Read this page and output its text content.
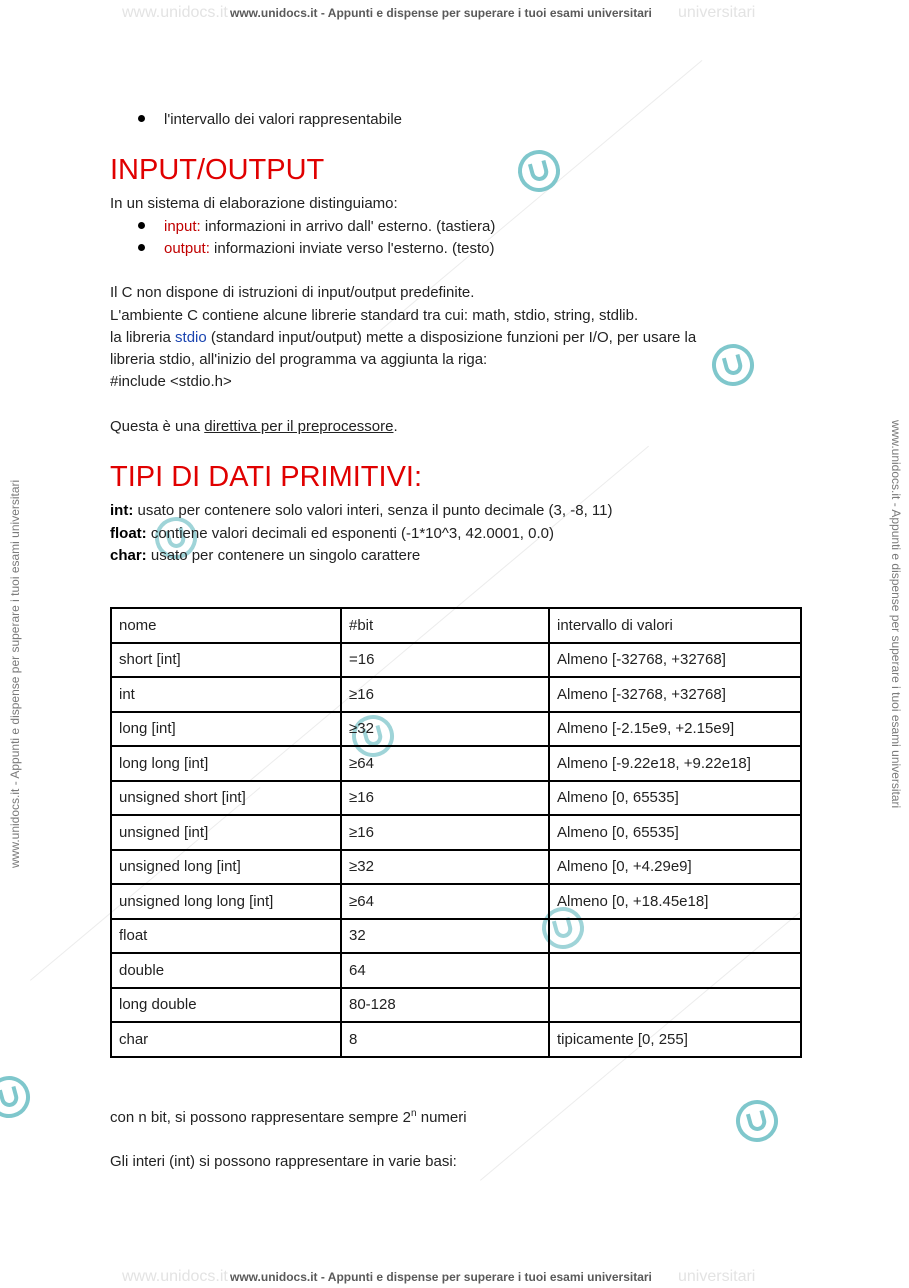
www.unidocs.it www.unidocs.it - Appunti e dispense per superare i tuoi esami universitari universitari
www.unidocs.it - Appunti e dispense per superare i tuoi esami universitari	www.unidocs.it - Appunti e dispense per superare i tuoi esami universitari
l'intervallo dei valori rappresentabile
INPUT/OUTPUT
In un sistema di elaborazione distinguiamo:
input: informazioni in arrivo dall' esterno. (tastiera)
output: informazioni inviate verso l'esterno. (testo)
Il C non dispone di istruzioni di input/output predefinite.
L'ambiente C contiene alcune librerie standard tra cui: math, stdio, string, stdlib.
la libreria stdio (standard input/output) mette a disposizione funzioni per I/O, per usare la
libreria stdio, all'inizio del programma va aggiunta la riga:
#include <stdio.h>
Questa è una direttiva per il preprocessore.
TIPI DI DATI PRIMITIVI:
int: usato per contenere solo valori interi, senza il punto decimale (3, -8, 11)
float: contiene valori decimali ed esponenti (-1*10^3, 42.0001, 0.0)
char: usato per contenere un singolo carattere
nome	#bit	intervallo di valori
short [int]	=16	Almeno [-32768, +32768]
int	≥16	Almeno [-32768, +32768]
long [int]	≥32	Almeno [-2.15e9, +2.15e9]
long long [int]	≥64	Almeno [-9.22e18, +9.22e18]
unsigned short [int]	≥16	Almeno [0, 65535]
unsigned [int]	≥16	Almeno [0, 65535]
unsigned long [int]	≥32	Almeno [0, +4.29e9]
unsigned long long [int]	≥64	Almeno [0, +18.45e18]
float	32	
double	64	
long double	80-128	
char	8	tipicamente [0, 255]
con n bit, si possono rappresentare sempre 2$^n$ numeri
Gli interi (int) si possono rappresentare in varie basi:
www.unidocs.it www.unidocs.it - Appunti e dispense per superare i tuoi esami universitari universitari
